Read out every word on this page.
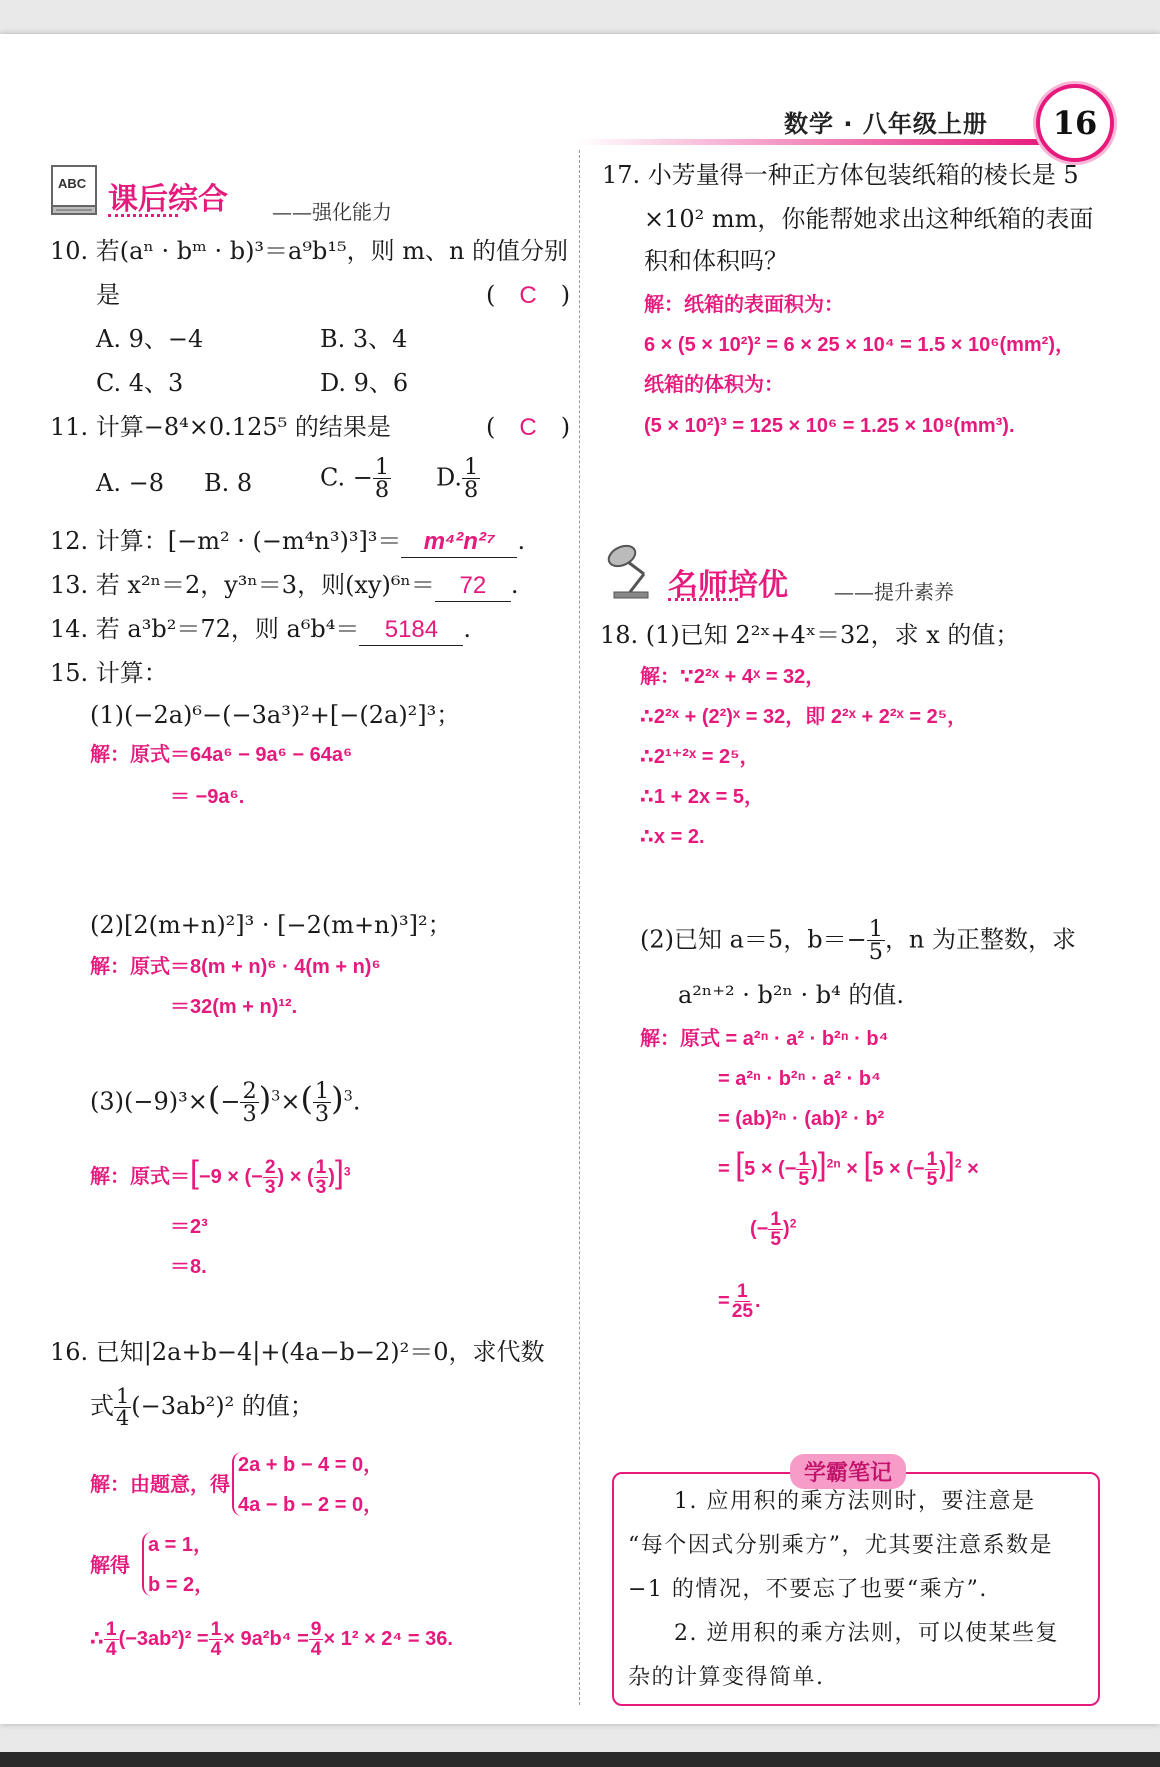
数学 · 八年级上册	16
ABC 课后综合 ——强化能力
10. 若(aⁿ · bᵐ · b)³＝a⁹b¹⁵，则 m、n 的值分别
是	(　C　)
A. 9、−4	B. 3、4
C. 4、3	D. 9、6
11. 计算−8⁴×0.125⁵ 的结果是	(　C　)
A. −8 B. 8	C. − $\frac{1}{8} D$. $\frac{1}{8}$
12. 计算：[−m² · (−m⁴n³)³]³＝ m⁴²n²⁷ .
13. 若 x²ⁿ＝2，y³ⁿ＝3，则(xy)⁶ⁿ＝ 72 .
14. 若 a³b²＝72，则 a⁶b⁴＝ 5184 .
15. 计算：
(1)(−2a)⁶−(−3a³)²+[−(2a)²]³；
解：原式＝64a⁶ − 9a⁶ − 64a⁶
＝ −9a⁶.
(2)[2(m+n)²]³ · [−2(m+n)³]²；
解：原式＝8(m + n)⁶ · 4(m + n)⁶
＝32(m + n)¹².
$(3)(-9)^3\times(- \frac{2}{3} )^3\times( \frac{1}{3} )^3$.
解：原式＝[−9 × (− $\frac{2}{3}$ ) × ( $\frac{1}{3} )]^3$
＝2³
＝8.
16. 已知|2a+b−4|+(4a−b−2)²＝0，求代数
式 $\frac{1}{4} (-3ab^2)^2$ 的值；
解：由题意，得
2a + b − 4 = 0，
4a − b − 2 = 0，
解得
a = 1，
b = 2，
∴ $\frac{1}{4} (-3ab^2)^2 = \frac{1}{4} \times 9a^2b^4 = \frac{9}{4} \times 1^2 \times 2^4 = 36$.
17. 小芳量得一种正方体包装纸箱的棱长是 5
×10² mm，你能帮她求出这种纸箱的表面
积和体积吗？
解：纸箱的表面积为：
6 × (5 × 10²)² = 6 × 25 × 10⁴ = 1.5 × 10⁶(mm²)，
纸箱的体积为：
(5 × 10²)³ = 125 × 10⁶ = 1.25 × 10⁸(mm³).
名师培优 ——提升素养
18. (1)已知 2²ˣ+4ˣ＝32，求 x 的值；
解：∵2²ˣ + 4ˣ = 32，
∴2²ˣ + (2²)ˣ = 32，即 2²ˣ + 2²ˣ = 2⁵，
∴2¹⁺²ˣ = 2⁵，
∴1 + 2x = 5，
∴x = 2.
(2)已知 a＝5，$b=- \frac{1}{5}$ ，n 为正整数，求
a²ⁿ⁺² · b²ⁿ · b⁴ 的值.
解：原式 = a²ⁿ · a² · b²ⁿ · b⁴
= a²ⁿ · b²ⁿ · a² · b⁴
= (ab)²ⁿ · (ab)² · b²
= [5 × (− $\frac{1}{5} )]^{2n} \times [5$ × (− $\frac{1}{5} )]^2$ ×
(− $\frac{1}{5} )^2$
= $\frac{1}{25}$ .
学霸笔记
1. 应用积的乘方法则时，要注意是
“每个因式分别乘方”，尤其要注意系数是
−1 的情况，不要忘了也要“乘方”.
2. 逆用积的乘方法则，可以使某些复
杂的计算变得简单.
